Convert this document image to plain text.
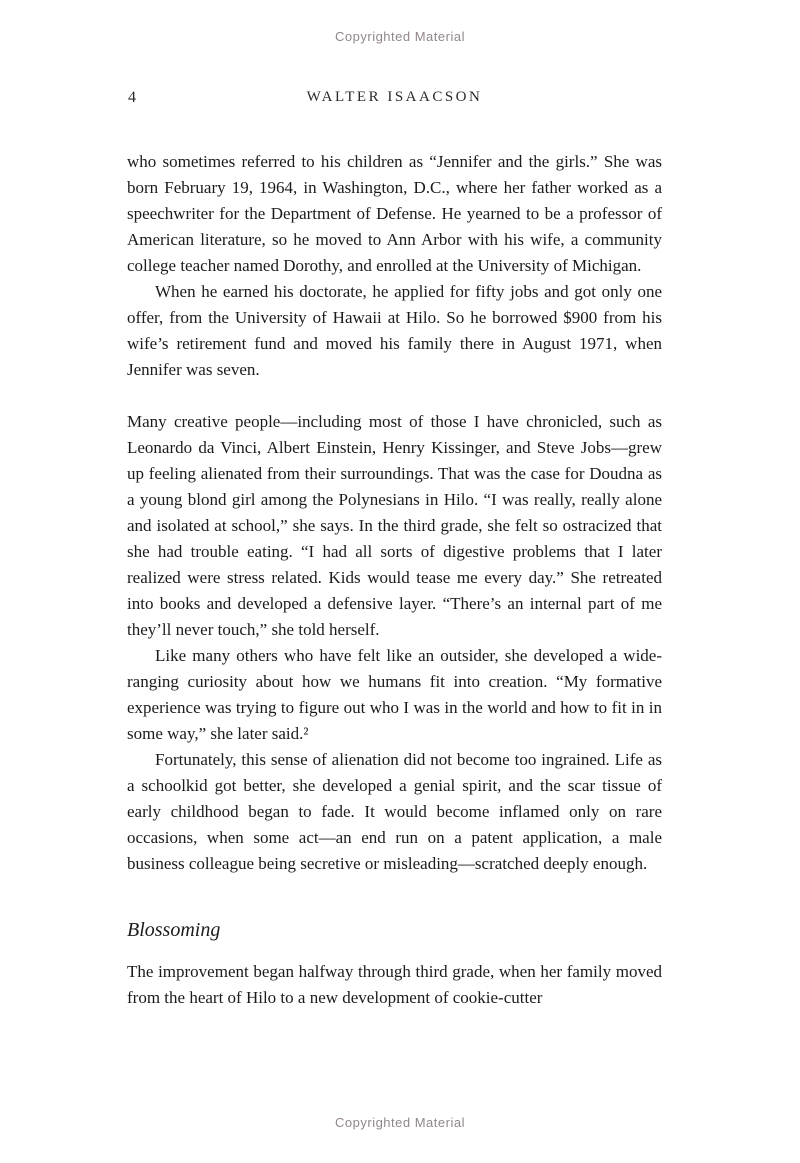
Copyrighted Material
4	WALTER ISAACSON

who sometimes referred to his children as “Jennifer and the girls.” She was born February 19, 1964, in Washington, D.C., where her father worked as a speechwriter for the Department of Defense. He yearned to be a professor of American literature, so he moved to Ann Arbor with his wife, a community college teacher named Dorothy, and enrolled at the University of Michigan.

When he earned his doctorate, he applied for fifty jobs and got only one offer, from the University of Hawaii at Hilo. So he borrowed $900 from his wife’s retirement fund and moved his family there in August 1971, when Jennifer was seven.

Many creative people—including most of those I have chronicled, such as Leonardo da Vinci, Albert Einstein, Henry Kissinger, and Steve Jobs—grew up feeling alienated from their surroundings. That was the case for Doudna as a young blond girl among the Polynesians in Hilo. “I was really, really alone and isolated at school,” she says. In the third grade, she felt so ostracized that she had trouble eating. “I had all sorts of digestive problems that I later realized were stress related. Kids would tease me every day.” She retreated into books and developed a defensive layer. “There’s an internal part of me they’ll never touch,” she told herself.

Like many others who have felt like an outsider, she developed a wide-ranging curiosity about how we humans fit into creation. “My formative experience was trying to figure out who I was in the world and how to fit in in some way,” she later said.²

Fortunately, this sense of alienation did not become too ingrained. Life as a schoolkid got better, she developed a genial spirit, and the scar tissue of early childhood began to fade. It would become inflamed only on rare occasions, when some act—an end run on a patent application, a male business colleague being secretive or misleading—scratched deeply enough.

Blossoming

The improvement began halfway through third grade, when her family moved from the heart of Hilo to a new development of cookie-cutter

Copyrighted Material
